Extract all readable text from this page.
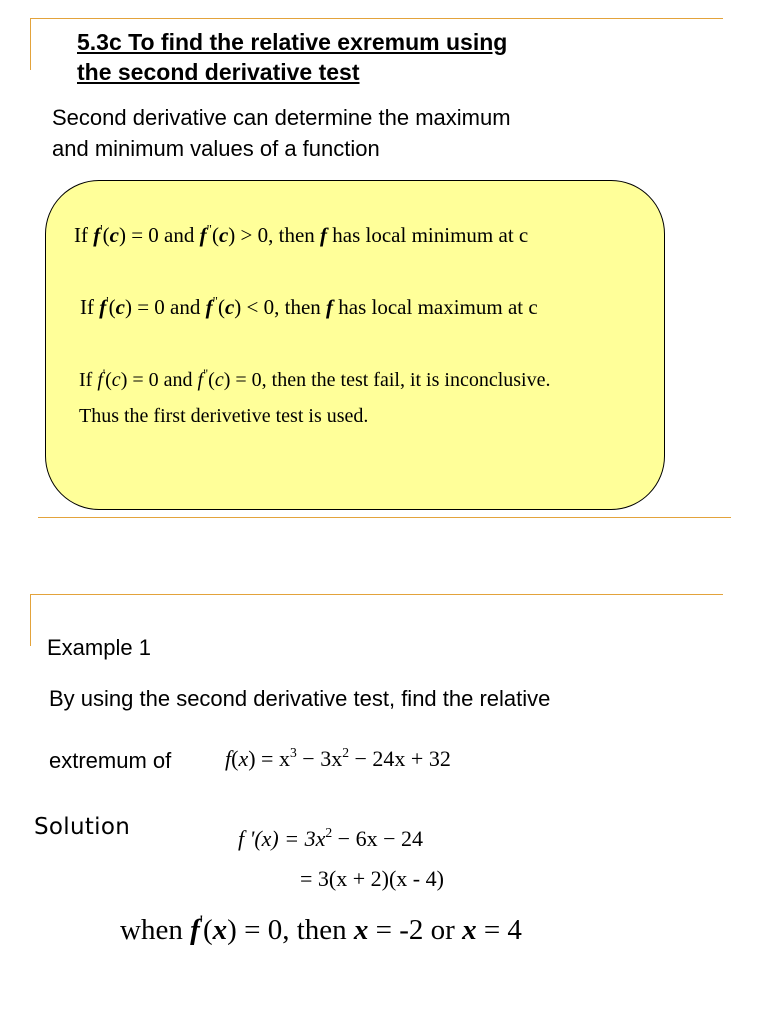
5.3c To find the relative exremum using
the second derivative test

Second derivative can determine the maximum
and minimum values of a function

If f'(c) = 0 and f"(c) > 0, then f has local minimum at c
If f'(c) = 0 and f"(c) < 0, then f has local maximum at c
If f'(c) = 0 and f"(c) = 0, then the test fail, it is inconclusive.
Thus the first derivetive test is used.
Example 1
By using the second derivative test, find the relative
extremum of $f(x) = x^3 - 3x^2 - 24x + 32$
Solution	f '$(x) = 3x^2 - 6x - 24$
= 3(x + 2)(x - 4)
when f'(x) = 0, then x = -2 or x = 4
